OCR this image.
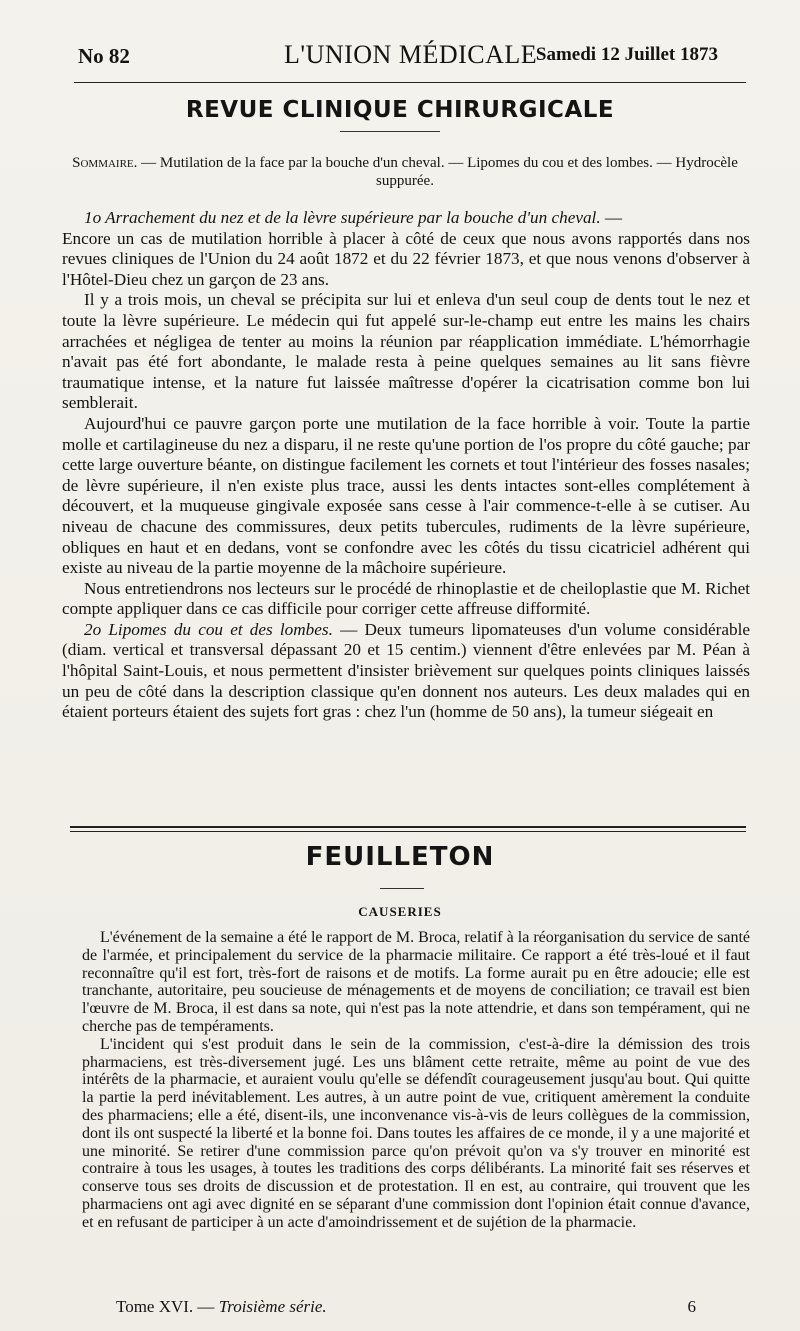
No 82	L'UNION MÉDICALE
Samedi 12 Juillet 1873
REVUE CLINIQUE CHIRURGICALE
Sommaire. — Mutilation de la face par la bouche d'un cheval. — Lipomes du cou et des lombes. — Hydrocèle suppurée.

1o Arrachement du nez et de la lèvre supérieure par la bouche d'un cheval. —

Encore un cas de mutilation horrible à placer à côté de ceux que nous avons rapportés dans nos revues cliniques de l'Union du 24 août 1872 et du 22 février 1873, et que nous venons d'observer à l'Hôtel-Dieu chez un garçon de 23 ans.

Il y a trois mois, un cheval se précipita sur lui et enleva d'un seul coup de dents tout le nez et toute la lèvre supérieure. Le médecin qui fut appelé sur-le-champ eut entre les mains les chairs arrachées et négligea de tenter au moins la réunion par réapplication immédiate. L'hémorrhagie n'avait pas été fort abondante, le malade resta à peine quelques semaines au lit sans fièvre traumatique intense, et la nature fut laissée maîtresse d'opérer la cicatrisation comme bon lui semblerait.

Aujourd'hui ce pauvre garçon porte une mutilation de la face horrible à voir. Toute la partie molle et cartilagineuse du nez a disparu, il ne reste qu'une portion de l'os propre du côté gauche; par cette large ouverture béante, on distingue facilement les cornets et tout l'intérieur des fosses nasales; de lèvre supérieure, il n'en existe plus trace, aussi les dents intactes sont-elles complétement à découvert, et la muqueuse gingivale exposée sans cesse à l'air commence-t-elle à se cutiser. Au niveau de chacune des commissures, deux petits tubercules, rudiments de la lèvre supérieure, obliques en haut et en dedans, vont se confondre avec les côtés du tissu cicatriciel adhérent qui existe au niveau de la partie moyenne de la mâchoire supérieure.

Nous entretiendrons nos lecteurs sur le procédé de rhinoplastie et de cheiloplastie que M. Richet compte appliquer dans ce cas difficile pour corriger cette affreuse difformité.

2o Lipomes du cou et des lombes. — Deux tumeurs lipomateuses d'un volume considérable (diam. vertical et transversal dépassant 20 et 15 centim.) viennent d'être enlevées par M. Péan à l'hôpital Saint-Louis, et nous permettent d'insister brièvement sur quelques points cliniques laissés un peu de côté dans la description classique qu'en donnent nos auteurs. Les deux malades qui en étaient porteurs étaient des sujets fort gras : chez l'un (homme de 50 ans), la tumeur siégeait en

FEUILLETON
CAUSERIES

L'événement de la semaine a été le rapport de M. Broca, relatif à la réorganisation du service de santé de l'armée, et principalement du service de la pharmacie militaire. Ce rapport a été très-loué et il faut reconnaître qu'il est fort, très-fort de raisons et de motifs. La forme aurait pu en être adoucie; elle est tranchante, autoritaire, peu soucieuse de ménagements et de moyens de conciliation; ce travail est bien l'œuvre de M. Broca, il est dans sa note, qui n'est pas la note attendrie, et dans son tempérament, qui ne cherche pas de tempéraments.

L'incident qui s'est produit dans le sein de la commission, c'est-à-dire la démission des trois pharmaciens, est très-diversement jugé. Les uns blâment cette retraite, même au point de vue des intérêts de la pharmacie, et auraient voulu qu'elle se défendît courageusement jusqu'au bout. Qui quitte la partie la perd inévitablement. Les autres, à un autre point de vue, critiquent amèrement la conduite des pharmaciens; elle a été, disent-ils, une inconvenance vis-à-vis de leurs collègues de la commission, dont ils ont suspecté la liberté et la bonne foi. Dans toutes les affaires de ce monde, il y a une majorité et une minorité. Se retirer d'une commission parce qu'on prévoit qu'on va s'y trouver en minorité est contraire à tous les usages, à toutes les traditions des corps délibérants. La minorité fait ses réserves et conserve tous ses droits de discussion et de protestation. Il en est, au contraire, qui trouvent que les pharmaciens ont agi avec dignité en se séparant d'une commission dont l'opinion était connue d'avance, et en refusant de participer à un acte d'amoindrissement et de sujétion de la pharmacie.

Tome XVI. — Troisième série.	6
